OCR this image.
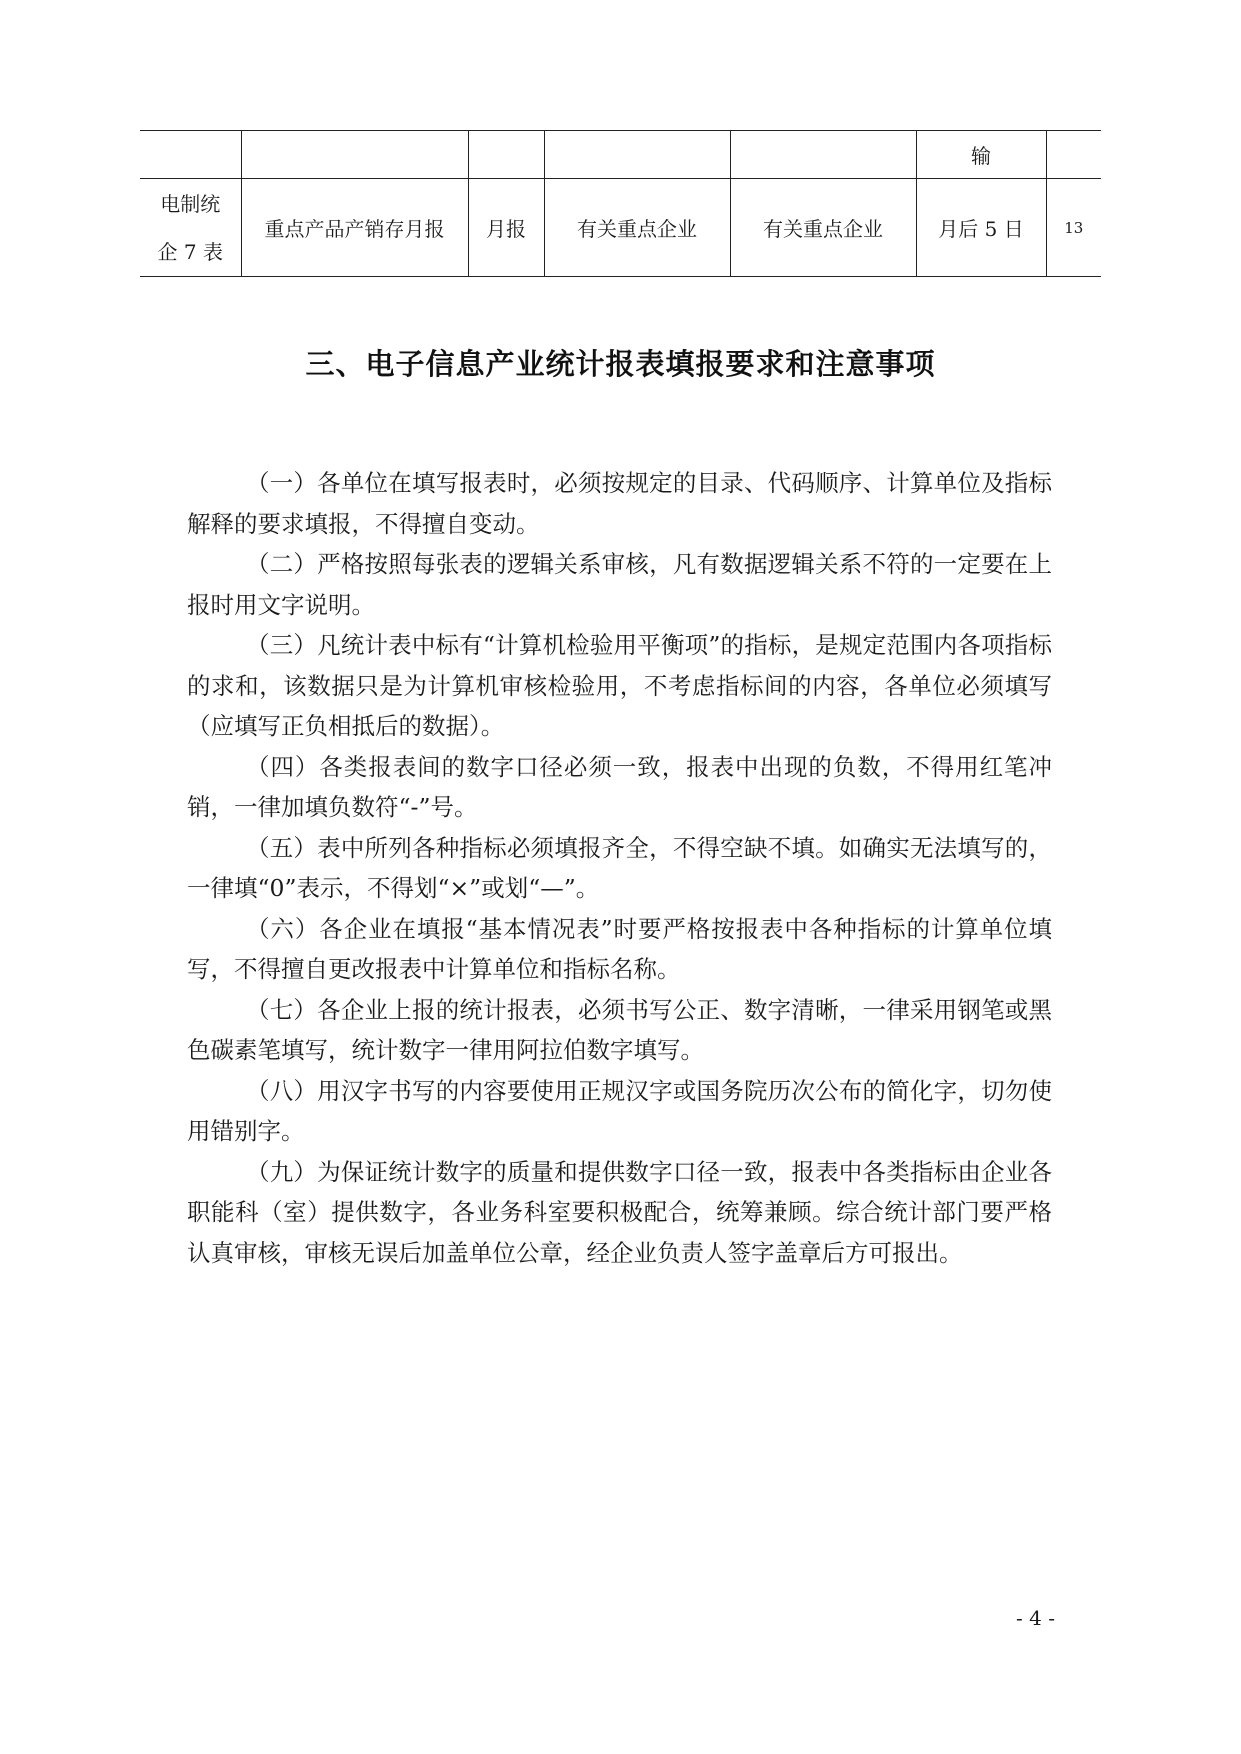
					输	

电制统
企 7 表	重点产品产销存月报	月报	有关重点企业	有关重点企业	月后 5 日	13
三、电子信息产业统计报表填报要求和注意事项

（一）各单位在填写报表时，必须按规定的目录、代码顺序、计算单位及指标解释的要求填报，不得擅自变动。

（二）严格按照每张表的逻辑关系审核，凡有数据逻辑关系不符的一定要在上报时用文字说明。

（三）凡统计表中标有“计算机检验用平衡项”的指标，是规定范围内各项指标的求和，该数据只是为计算机审核检验用，不考虑指标间的内容，各单位必须填写（应填写正负相抵后的数据）。

（四）各类报表间的数字口径必须一致，报表中出现的负数，不得用红笔冲销，一律加填负数符“-”号。

（五）表中所列各种指标必须填报齐全，不得空缺不填。如确实无法填写的，一律填“0”表示，不得划“×”或划“—”。

（六）各企业在填报“基本情况表”时要严格按报表中各种指标的计算单位填写，不得擅自更改报表中计算单位和指标名称。

（七）各企业上报的统计报表，必须书写公正、数字清晰，一律采用钢笔或黑色碳素笔填写，统计数字一律用阿拉伯数字填写。

（八）用汉字书写的内容要使用正规汉字或国务院历次公布的简化字，切勿使用错别字。

（九）为保证统计数字的质量和提供数字口径一致，报表中各类指标由企业各职能科（室）提供数字，各业务科室要积极配合，统筹兼顾。综合统计部门要严格认真审核，审核无误后加盖单位公章，经企业负责人签字盖章后方可报出。

- 4 -
